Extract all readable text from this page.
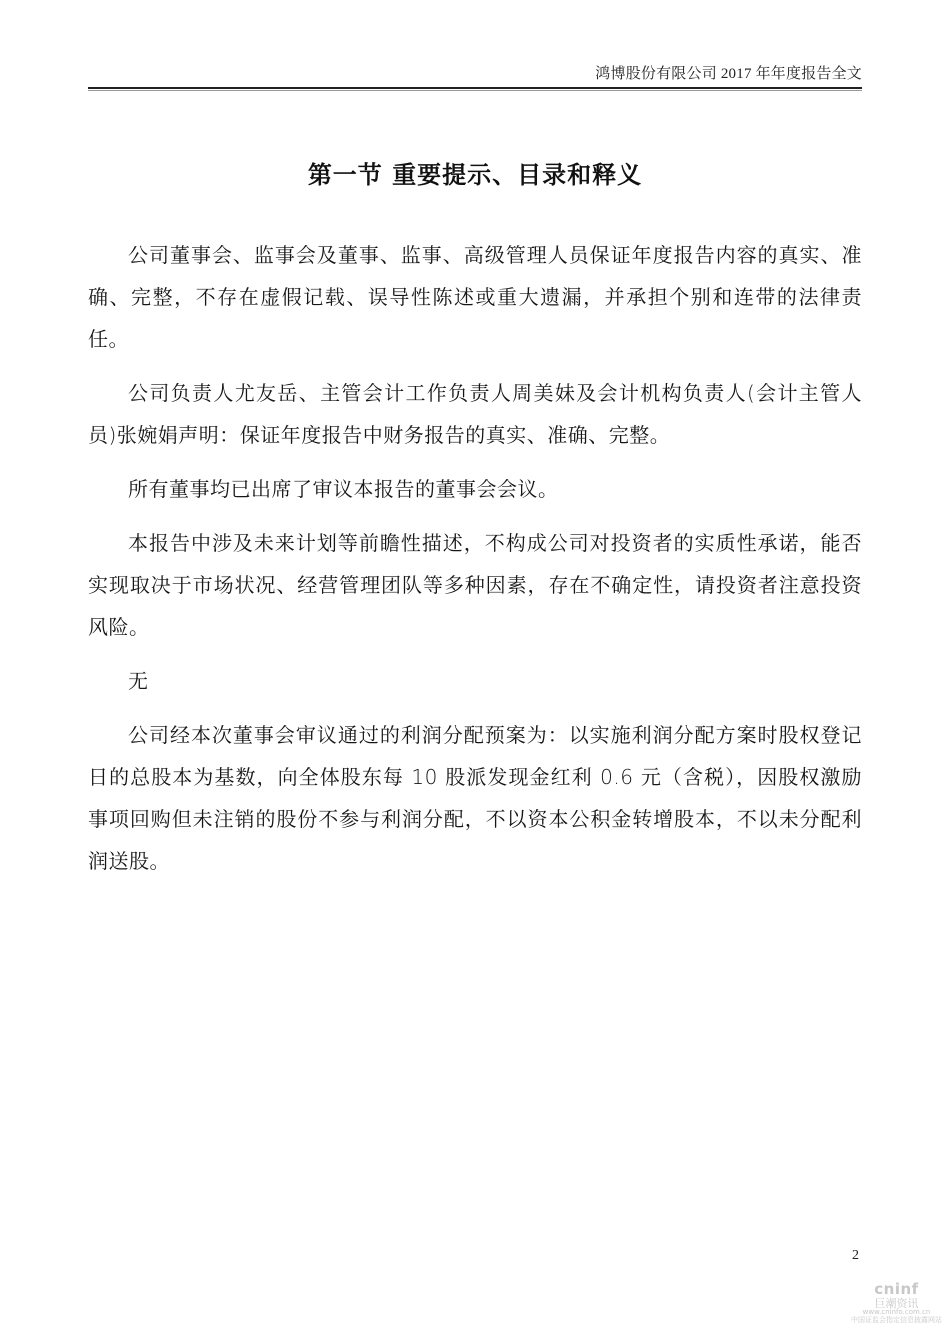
鸿博股份有限公司 2017 年年度报告全文
第一节 重要提示、目录和释义

公司董事会、监事会及董事、监事、高级管理人员保证年度报告内容的真实、准确、完整，不存在虚假记载、误导性陈述或重大遗漏，并承担个别和连带的法律责任。

公司负责人尤友岳、主管会计工作负责人周美妹及会计机构负责人(会计主管人员)张婉娟声明：保证年度报告中财务报告的真实、准确、完整。

所有董事均已出席了审议本报告的董事会会议。

本报告中涉及未来计划等前瞻性描述，不构成公司对投资者的实质性承诺，能否实现取决于市场状况、经营管理团队等多种因素，存在不确定性，请投资者注意投资风险。

无

公司经本次董事会审议通过的利润分配预案为：以实施利润分配方案时股权登记日的总股本为基数，向全体股东每 10 股派发现金红利 0.6 元（含税），因股权激励事项回购但未注销的股份不参与利润分配，不以资本公积金转增股本，不以未分配利润送股。

2
cninf
巨潮资讯
www.cninfo.com.cn
中国证监会指定信息披露网站
